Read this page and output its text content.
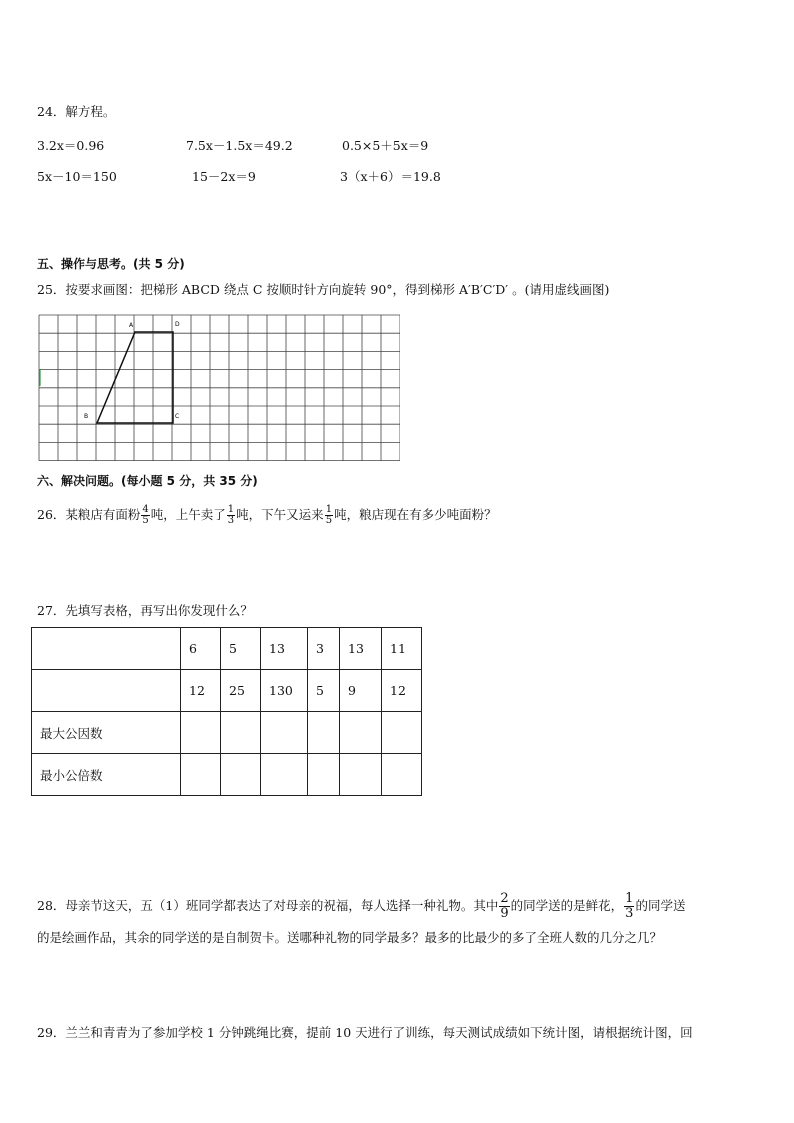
24．解方程。
3.2x＝0.96	7.5x－1.5x＝49.2	0.5×5＋5x＝9
5x－10＝150	15－2x＝9	3（x＋6）＝19.8
五、操作与思考。(共 5 分)
25．按要求画图：把梯形 ABCD 绕点 C 按顺时针方向旋转 90°，得到梯形 A′B′C′D′ 。(请用虚线画图)
A	D
B	C
六、解决问题。(每小题 5 分，共 35 分)
26．某粮店有面粉 $\frac{4}{5}$ 吨，上午卖了 $\frac{1}{3}$ 吨，下午又运来 $\frac{1}{5}$ 吨，粮店现在有多少吨面粉？
27．先填写表格，再写出你发现什么？
	6	5	13	3	13	11
	12	25	130	5	9	12
最大公因数						
最小公倍数						
28．母亲节这天，五（1）班同学都表达了对母亲的祝福，每人选择一种礼物。其中 $\frac{2}{9}$ 的同学送的是鲜花， $\frac{1}{3}$ 的同学送
的是绘画作品，其余的同学送的是自制贺卡。送哪种礼物的同学最多？最多的比最少的多了全班人数的几分之几？
29．兰兰和青青为了参加学校 1 分钟跳绳比赛，提前 10 天进行了训练，每天测试成绩如下统计图，请根据统计图，回
